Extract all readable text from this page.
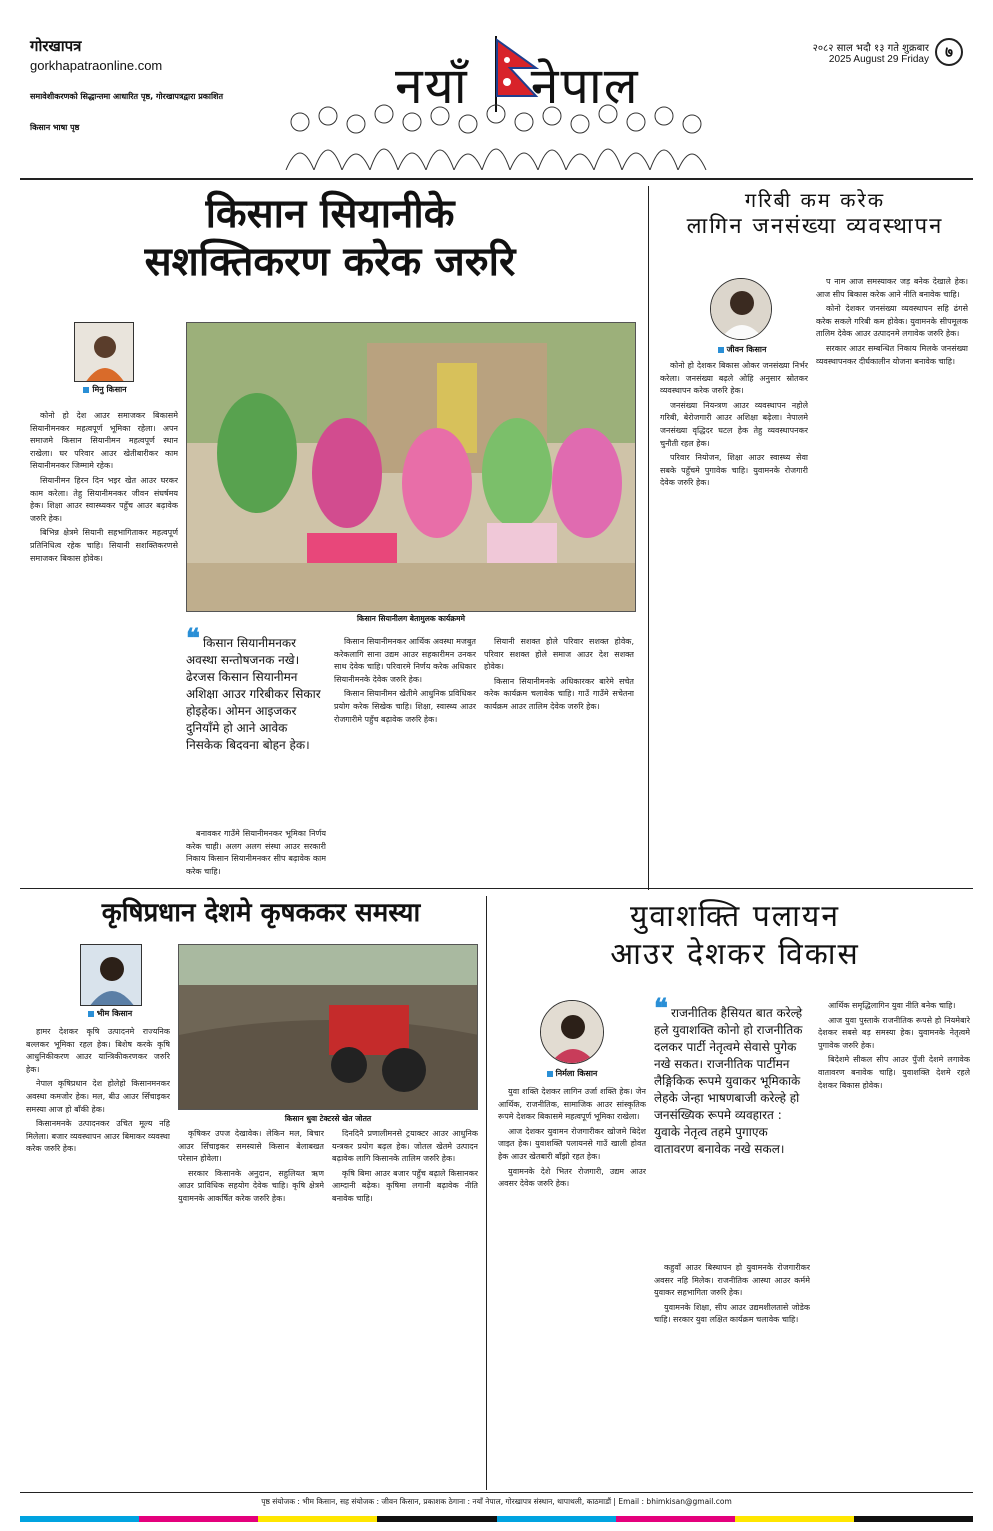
गोरखापत्र
gorkhapatraonline.com
समावेशीकरणको सिद्धान्तमा आधारित पृष्ठ, गोरखापत्रद्वारा प्रकाशित
किसान भाषा पृष्ठ
नयाँ नेपाल
२०८२ साल भदौ १३ गते शुक्रबार
2025 August 29 Friday	७
किसान सियानीके
सशक्तिकरण करेक जरुरि
मिनु किसान
किसान सियानीलग बेतामुलक कार्यक्रममे

कोनो हो देश आउर समाजकर बिकासमे सियानीमनकर महत्वपूर्ण भूमिका रहेला। अपन समाजमे किसान सियानीमन महत्वपूर्ण स्थान राखेला। घर परिवार आउर खेतीबारीकर काम सियानीमनकर जिम्मामे रहेक।

सियानीमन हिरन दिन भइर खेत आउर घरकर काम करेला। तेहु सियानीमनकर जीवन संघर्षमय हेक। शिक्षा आउर स्वास्थ्यकर पहुँच आउर बढ़ावेक जरुरि हेक।

बिभिन्न क्षेत्रमे सियानी सहभागिताकर महत्वपूर्ण प्रतिनिधित्व रहेक चाहि। सियानी सशक्तिकरणसे समाजकर बिकास होवेक।

❝ किसान सियानीमनकर अवस्था सन्तोषजनक नखे। ढेरजस किसान सियानीमन अशिक्षा आउर गरिबीकर सिकार होइहेक। ओमन आइजकर दुनियाँमे हो आने आवेक निसकेक बिदवना बोहन हेक।

बनावकर गाउँमे सियानीमनकर भूमिका निर्णय करेक चाही। अलग अलग संस्था आउर सरकारी निकाय किसान सियानीमनकर सीप बढ़ावेक काम करेक चाहि।

किसान सियानीमनकर आर्थिक अवस्था मजबुत करेकलागि साना उद्यम आउर सहकारीमन उनकर साथ देवेक चाहि। परिवारमे निर्णय करेक अधिकार सियानीमनके देवेक जरुरि हेक।

किसान सियानीमन खेतीमे आधुनिक प्रविधिकर प्रयोग करेक सिखेक चाहि। शिक्षा, स्वास्थ्य आउर रोजगारीमे पहुँच बढ़ावेक जरुरि हेक।

सियानी सशक्त होले परिवार सशक्त होवेक, परिवार सशक्त होले समाज आउर देश सशक्त होवेक।

किसान सियानीमनके अधिकारकर बारेमे सचेत करेक कार्यक्रम चलावेक चाहि। गाउँ गाउँमे सचेतना कार्यक्रम आउर तालिम देवेक जरुरि हेक।

गरिबी कम करेक
लागिन जनसंख्या व्यवस्थापन
जीवन किसान

कोनो हो देशकर बिकास ओकर जनसंख्या निर्भर करेला। जनसंख्या बढ़ले ओहि अनुसार स्रोतकर व्यवस्थापन करेक जरुरि हेक।

जनसंख्या नियन्त्रण आउर व्यवस्थापन नहोले गरिबी, बेरोजगारी आउर अशिक्षा बढ़ेला। नेपालमे जनसंख्या वृद्धिदर घटल हेक तेहु व्यवस्थापनकर चुनौती रहल हेक।

परिवार नियोजन, शिक्षा आउर स्वास्थ्य सेवा सबके पहुँचमे पुगावेक चाहि। युवामनके रोजगारी देवेक जरुरि हेक।

प नाम आज समस्याकर जड़ बनेक देखाले हेक। आज सीप बिकास करेक आने नीति बनावेक चाहि।

कोनो देशकर जनसंख्या व्यवस्थापन सहि ढंगसे करेक सकले गरिबी कम होवेक। युवामनके सीपमूलक तालिम देवेक आउर उत्पादनमे लगावेक जरुरि हेक।

सरकार आउर सम्बन्धित निकाय मिलके जनसंख्या व्यवस्थापनकर दीर्घकालीन योजना बनावेक चाहि।

कृषिप्रधान देशमे कृषककर समस्या
भीम किसान
किसान धुवा टेक्टरसे खेत जोतत

हामर देशकर कृषि उत्पादनमे राज्यनिक बल्लकर भूमिका रहल हेक। बिशेष करके कृषि आधुनिकीकरण आउर यान्त्रिकीकरणकर जरुरि हेक।

नेपाल कृषिप्रधान देश होलेहो किसानमनकर अवस्था कमजोर हेक। मल, बीउ आउर सिँचाइकर समस्या आज हो बाँकी हेक।

किसानमनके उत्पादनकर उचित मूल्य नहि मिलेला। बजार व्यवस्थापन आउर बिमाकर व्यवस्था करेक जरुरि हेक।

कृषिकर उपज देखावेक। लेकिन मल, बिचार आउर सिँचाइकर समस्यासे किसान बेलाबखत परेसान होवेला।

सरकार किसानके अनुदान, सहुलियत ऋण आउर प्राविधिक सहयोग देवेक चाहि। कृषि क्षेत्रमे युवामनके आकर्षित करेक जरुरि हेक।

दिनदिनै प्रणालीमनसे ट्रयाक्टर आउर आधुनिक यन्त्रकर प्रयोग बढ़ल हेक। जोतल खेतमे उत्पादन बढ़ावेक लागि किसानके तालिम जरुरि हेक।

कृषि बिमा आउर बजार पहुँच बढ़ाले किसानकर आम्दानी बढ़ेक। कृषिमा लगानी बढ़ावेक नीति बनावेक चाहि।

युवाशक्ति पलायन
आउर देशकर विकास
निर्मला किसान

युवा शक्ति देशकर लागिन उर्जा शक्ति हेक। जेन आर्थिक, राजनीतिक, सामाजिक आउर सांस्कृतिक रूपमे देशकर बिकासमे महत्वपूर्ण भूमिका राखेला।

आज देशकर युवामन रोजगारीकर खोजमे बिदेश जाइत हेक। युवाशक्ति पलायनसे गाउँ खाली होवत हेक आउर खेतबारी बाँझो रहत हेक।

युवामनके देशे भितर रोजगारी, उद्यम आउर अवसर देवेक जरुरि हेक।

❝ राजनीतिक हैसियत बात करेल्हे हले युवाशक्ति कोनो हो राजनीतिक दलकर पार्टी नेतृत्वमे सेवासे पुगेक नखे सकत। राजनीतिक पार्टीमन लैङ्गिकिक रूपमे युवाकर भूमिकाके लेहके जेन्हा भाषणबाजी करेल्हे हो जनसंख्यिक रूपमे व्यवहारत : युवाके नेतृत्व तहमे पुगाएक वातावरण बनावेक नखे सकल।

कहुवाँ आउर बिस्थापन हो युवामनके रोजगारीकर अवसर नहि मिलेक। राजनीतिक आस्था आउर कर्ममे युवाकर सहभागिता जरुरि हेक।

युवामनके शिक्षा, सीप आउर उद्यमशीलतासे जोडेक चाहि। सरकार युवा लक्षित कार्यक्रम चलावेक चाहि।

आर्थिक समृद्धिलागिन युवा नीति बनेक चाहि।

आज युवा पुस्ताके राजनीतिक रूपसे हो नियमेबारे देशकर सबसे बड़ समस्या हेक। युवामनके नेतृत्वमे पुगावेक जरुरि हेक।

बिदेशमे सीकल सीप आउर पुँजी देशमे लगावेक वातावरण बनावेक चाहि। युवाशक्ति देशमे रहले देशकर बिकास होवेक।

पृष्ठ संयोजक : भीम किसान, सह संयोजक : जीवन किसान, प्रकाशक ठेगाना : नयाँ नेपाल, गोरखापत्र संस्थान, थापाथली, काठमाडौं | Email : bhimkisan@gmail.com
